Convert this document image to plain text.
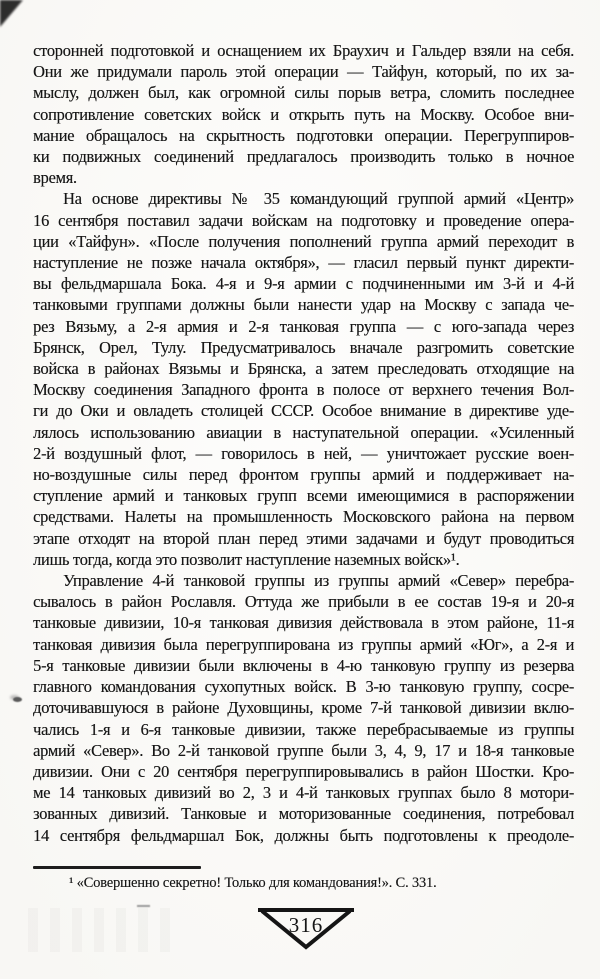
сторонней подготовкой и оснащением их Браухич и Гальдер взяли на себя.
Они же придумали пароль этой операции — Тайфун, который, по их за-
мыслу, должен был, как огромной силы порыв ветра, сломить последнее
сопротивление советских войск и открыть путь на Москву. Особое вни-
мание обращалось на скрытность подготовки операции. Перегруппиров-
ки подвижных соединений предлагалось производить только в ночное
время.
На основе директивы № 35 командующий группой армий «Центр»
16 сентября поставил задачи войскам на подготовку и проведение опера-
ции «Тайфун». «После получения пополнений группа армий переходит в
наступление не позже начала октября», — гласил первый пункт директи-
вы фельдмаршала Бока. 4-я и 9-я армии с подчиненными им 3-й и 4-й
танковыми группами должны были нанести удар на Москву с запада че-
рез Вязьму, а 2-я армия и 2-я танковая группа — с юго-запада через
Брянск, Орел, Тулу. Предусматривалось вначале разгромить советские
войска в районах Вязьмы и Брянска, а затем преследовать отходящие на
Москву соединения Западного фронта в полосе от верхнего течения Вол-
ги до Оки и овладеть столицей СССР. Особое внимание в директиве уде-
лялось использованию авиации в наступательной операции. «Усиленный
2-й воздушный флот, — говорилось в ней, — уничтожает русские воен-
но-воздушные силы перед фронтом группы армий и поддерживает на-
ступление армий и танковых групп всеми имеющимися в распоряжении
средствами. Налеты на промышленность Московского района на первом
этапе отходят на второй план перед этими задачами и будут проводиться
лишь тогда, когда это позволит наступление наземных войск»¹.
Управление 4-й танковой группы из группы армий «Север» перебра-
сывалось в район Рославля. Оттуда же прибыли в ее состав 19-я и 20-я
танковые дивизии, 10-я танковая дивизия действовала в этом районе, 11-я
танковая дивизия была перегруппирована из группы армий «Юг», а 2-я и
5-я танковые дивизии были включены в 4-ю танковую группу из резерва
главного командования сухопутных войск. В 3-ю танковую группу, сосре-
доточивавшуюся в районе Духовщины, кроме 7-й танковой дивизии вклю-
чались 1-я и 6-я танковые дивизии, также перебрасываемые из группы
армий «Север». Во 2-й танковой группе были 3, 4, 9, 17 и 18-я танковые
дивизии. Они с 20 сентября перегруппировывались в район Шостки. Кро-
ме 14 танковых дивизий во 2, 3 и 4-й танковых группах было 8 мотори-
зованных дивизий. Танковые и моторизованные соединения, потребовал
14 сентября фельдмаршал Бок, должны быть подготовлены к преодоле-
¹ «Совершенно секретно! Только для командования!». С. 331.
316
